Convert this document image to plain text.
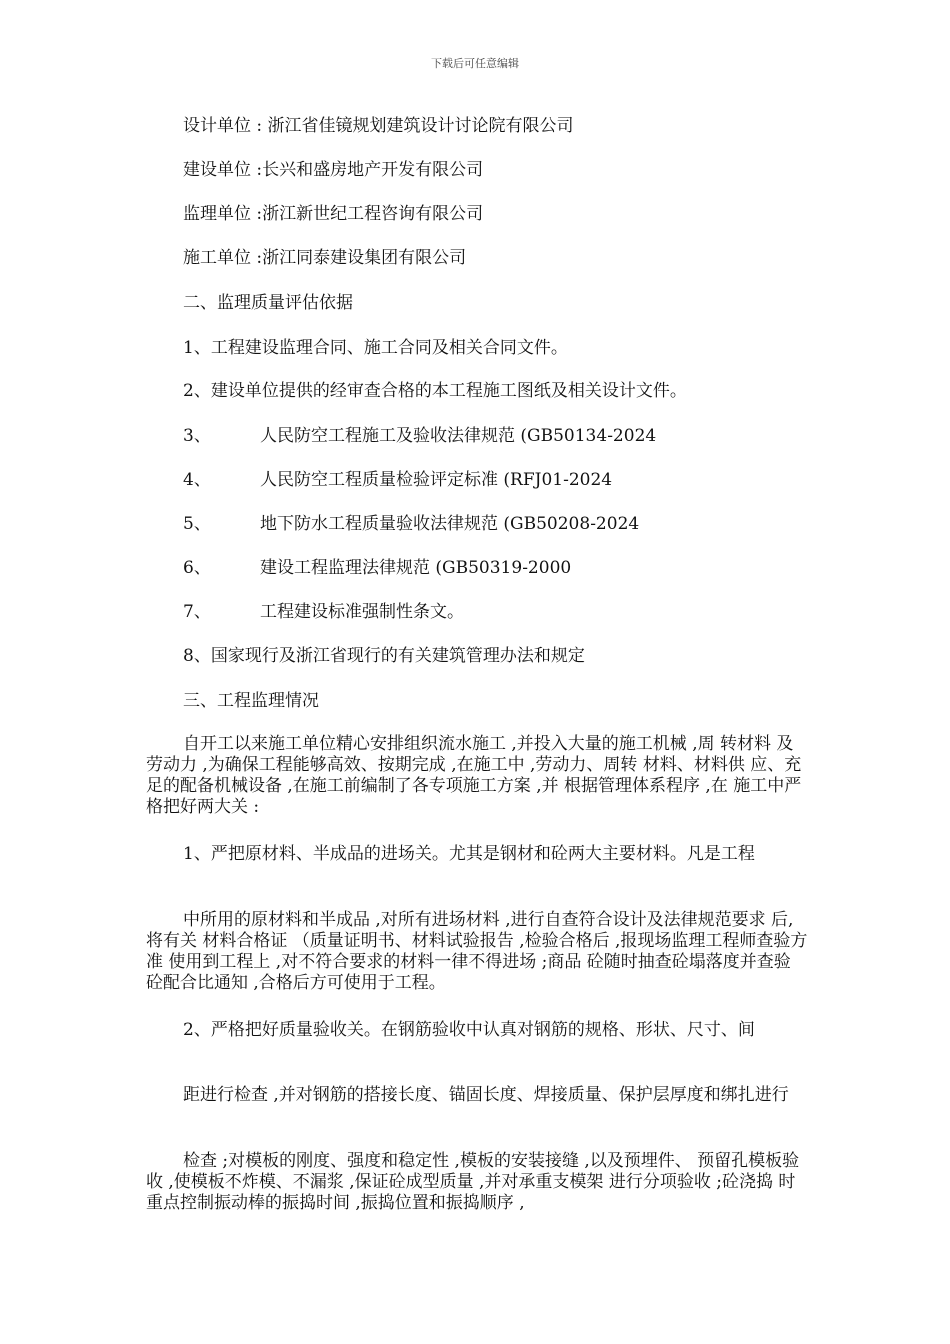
下载后可任意编辑
设计单位 : 浙江省佳镜规划建筑设计讨论院有限公司
建设单位 :长兴和盛房地产开发有限公司
监理单位 :浙江新世纪工程咨询有限公司
施工单位 :浙江同泰建设集团有限公司
二、监理质量评估依据
1、工程建设监理合同、施工合同及相关合同文件。
2、建设单位提供的经审查合格的本工程施工图纸及相关设计文件。
3、	人民防空工程施工及验收法律规范 (GB50134-2024
4、	人民防空工程质量检验评定标准 (RFJ01-2024
5、	地下防水工程质量验收法律规范 (GB50208-2024
6、	建设工程监理法律规范 (GB50319-2000
7、	工程建设标准强制性条文。
8、国家现行及浙江省现行的有关建筑管理办法和规定
三、工程监理情况

自开工以来施工单位精心安排组织流水施工 ,并投入大量的施工机械 ,周 转材料 及劳动力 ,为确保工程能够高效、按期完成 ,在施工中 ,劳动力、周转 材料、材料供 应、充足的配备机械设备 ,在施工前编制了各专项施工方案 ,并 根据管理体系程序 ,在 施工中严格把好两大关 :

1、严把原材料、半成品的进场关。尤其是钢材和砼两大主要材料。凡是工程

中所用的原材料和半成品 ,对所有进场材料 ,进行自查符合设计及法律规范要求 后,将有关 材料合格证 （质量证明书、材料试验报告 ,检验合格后 ,报现场监理工程师查验方准 使用到工程上 ,对不符合要求的材料一律不得进场 ;商品 砼随时抽查砼塌落度并查验 砼配合比通知 ,合格后方可使用于工程。

2、严格把好质量验收关。在钢筋验收中认真对钢筋的规格、形状、尺寸、间

距进行检查 ,并对钢筋的搭接长度、锚固长度、焊接质量、保护层厚度和绑扎进行

检查 ;对模板的刚度、强度和稳定性 ,模板的安装接缝 ,以及预埋件、 预留孔模板验 收 ,使模板不炸模、不漏浆 ,保证砼成型质量 ,并对承重支模架 进行分项验收 ;砼浇捣 时重点控制振动棒的振捣时间 ,振捣位置和振捣顺序 ,
